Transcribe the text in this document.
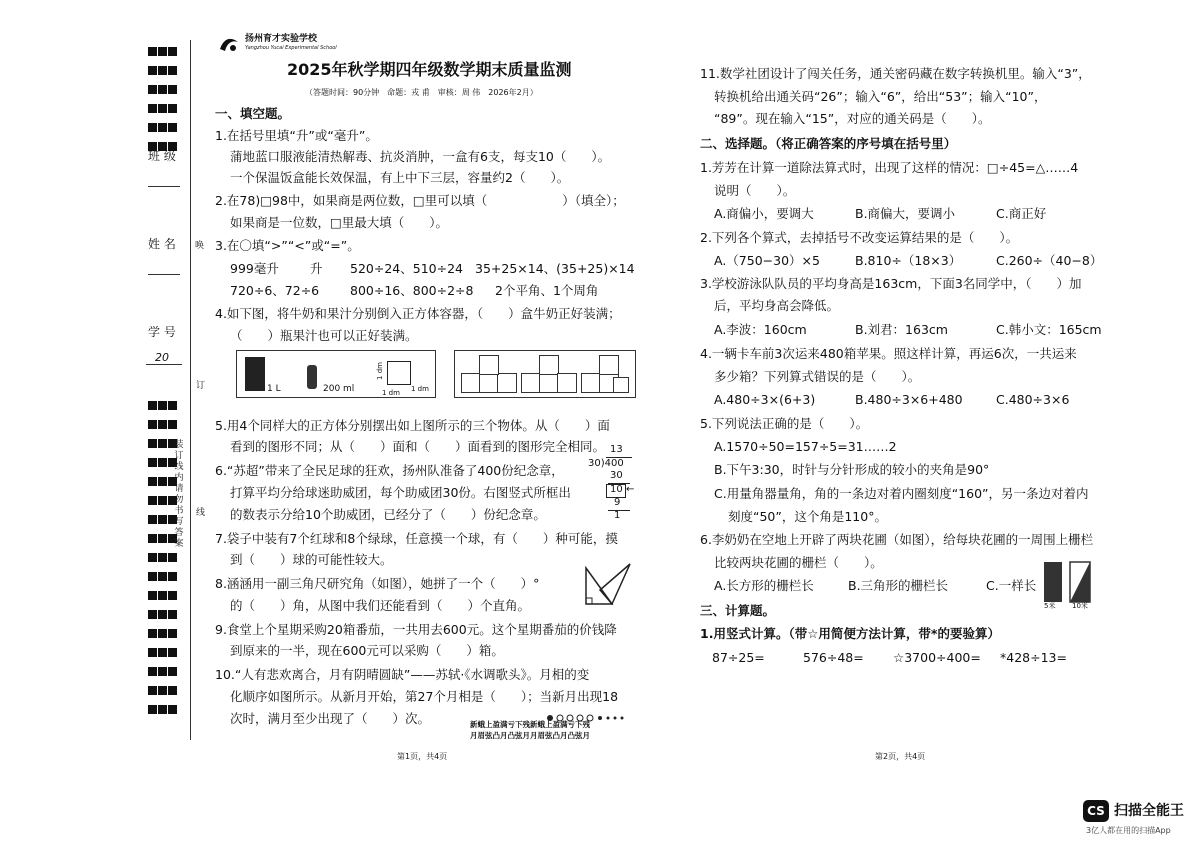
班 级
姓 名 唤
学 号
20
订
装订线内请勿书写答案
线
扬州育才实验学校
Yangzhou Yucai Experimental School
2025年秋学期四年级数学期末质量监测
（答题时间：90分钟　命题：戎 甫　审核：周 伟　2026年2月）
一、填空题。
1.在括号里填“升”或“毫升”。
蒲地蓝口服液能清热解毒、抗炎消肿，一盒有6支，每支10（　　）。
一个保温饭盒能长效保温，有上中下三层，容量约2（　　）。
2.在78)□98中，如果商是两位数，□里可以填（　　　　　　）（填全）；
如果商是一位数，□里最大填（　　）。
3.在〇填“>”“<”或“=”。
999毫升 升 520÷24、510÷24 35+25×14、(35+25)×14
720÷6、72÷6 800÷16、800÷2÷8 2个平角、1个周角
4.如下图，将牛奶和果汁分别倒入正方体容器，（　　）盒牛奶正好装满；
（　　）瓶果汁也可以正好装满。
1 L	200 ml
1 dm
1 dm 1 dm
5.用4个同样大的正方体分别摆出如上图所示的三个物体。从（　　）面
看到的图形不同；从（　　）面和（　　）面看到的图形完全相同。
6.“苏超”带来了全民足球的狂欢，扬州队准备了400份纪念章，
打算平均分给球迷助威团，每个助威团30份。右图竖式所框出
的数表示分给10个助威团，已经分了（　　）份纪念章。
13
30)400
30
10
9
1
←
7.袋子中装有7个红球和8个绿球，任意摸一个球，有（　　）种可能，摸
到（　　）球的可能性较大。
8.涵涵用一副三角尺研究角（如图），她拼了一个（　　）°
的（　　）角，从图中我们还能看到（　　）个直角。
9.食堂上个星期采购20箱番茄，一共用去600元。这个星期番茄的价钱降
到原来的一半，现在600元可以采购（　　）箱。
10.“人有悲欢离合，月有阴晴圆缺”——苏轼·《水调歌头》。月相的变
化顺序如图所示。从新月开始，第27个月相是（　　）；当新月出现18
次时，满月至少出现了（　　）次。	新蛾上盈满亏下残新蛾上盈满亏下残
月眉弦凸月凸弦月月眉弦凸月凸弦月
第1页，共4页
11.数学社团设计了闯关任务，通关密码藏在数字转换机里。输入“3”，
转换机给出通关码“26”；输入“6”，给出“53”；输入“10”，
“89”。现在输入“15”，对应的通关码是（　　）。
二、选择题。（将正确答案的序号填在括号里）
1.芳芳在计算一道除法算式时，出现了这样的情况：□÷45=△……4
说明（　　）。
A.商偏小，要调大	B.商偏大，要调小	C.商正好
2.下列各个算式，去掉括号不改变运算结果的是（　　）。
A.（750−30）×5	B.810÷（18×3）	C.260÷（40−8）
3.学校游泳队队员的平均身高是163cm，下面3名同学中，（　　）加
后，平均身高会降低。
A.李波：160cm	B.刘君：163cm	C.韩小文：165cm
4.一辆卡车前3次运来480箱苹果。照这样计算，再运6次，一共运来
多少箱？下列算式错误的是（　　）。
A.480÷3×(6+3)	B.480÷3×6+480	C.480÷3×6
5.下列说法正确的是（　　）。
A.1570÷50=157÷5=31……2
B.下午3:30，时针与分针形成的较小的夹角是90°
C.用量角器量角，角的一条边对着内圈刻度“160”，另一条边对着内
刻度“50”，这个角是110°。
6.李奶奶在空地上开辟了两块花圃（如图），给每块花圃的一周围上栅栏
比较两块花圃的栅栏（　　）。
A.长方形的栅栏长	B.三角形的栅栏长	C.一样长
5米 10米
三、计算题。
1.用竖式计算。（带☆用简便方法计算，带*的要验算）
87÷25=	576÷48= ☆3700÷400= *428÷13=
第2页，共4页
CS 扫描全能王
3亿人都在用的扫描App
